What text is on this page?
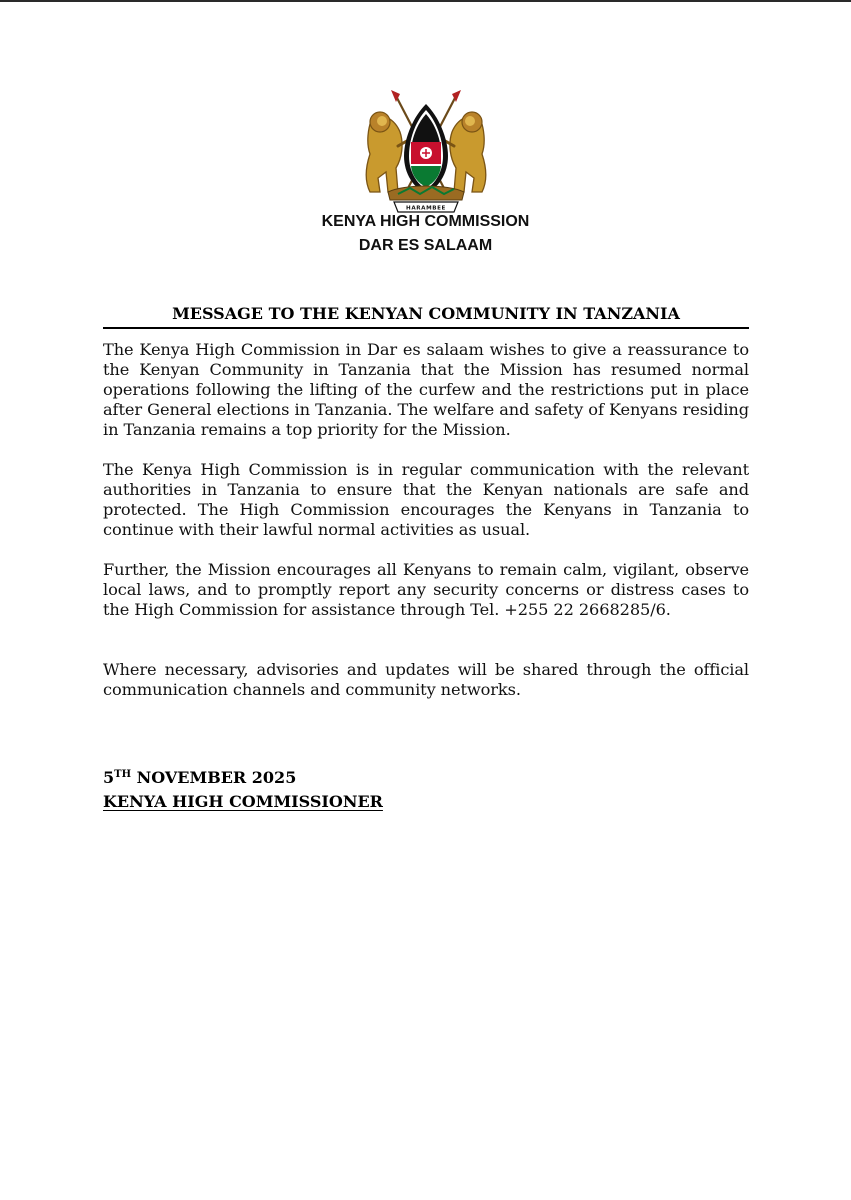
HARAMBEE
KENYA HIGH COMMISSION
DAR ES SALAAM
MESSAGE TO THE KENYAN COMMUNITY IN TANZANIA

The Kenya High Commission in Dar es salaam wishes to give a reassurance to the Kenyan Community in Tanzania that the Mission has resumed normal operations following the lifting of the curfew and the restrictions put in place after General elections in Tanzania. The welfare and safety of Kenyans residing in Tanzania remains a top priority for the Mission.

The Kenya High Commission is in regular communication with the relevant authorities in Tanzania to ensure that the Kenyan nationals are safe and protected. The High Commission encourages the Kenyans in Tanzania to continue with their lawful normal activities as usual.

Further, the Mission encourages all Kenyans to remain calm, vigilant, observe local laws, and to promptly report any security concerns or distress cases to the High Commission for assistance through Tel. +255 22 2668285/6.

Where necessary, advisories and updates will be shared through the official communication channels and community networks.

5TH NOVEMBER 2025
KENYA HIGH COMMISSIONER
